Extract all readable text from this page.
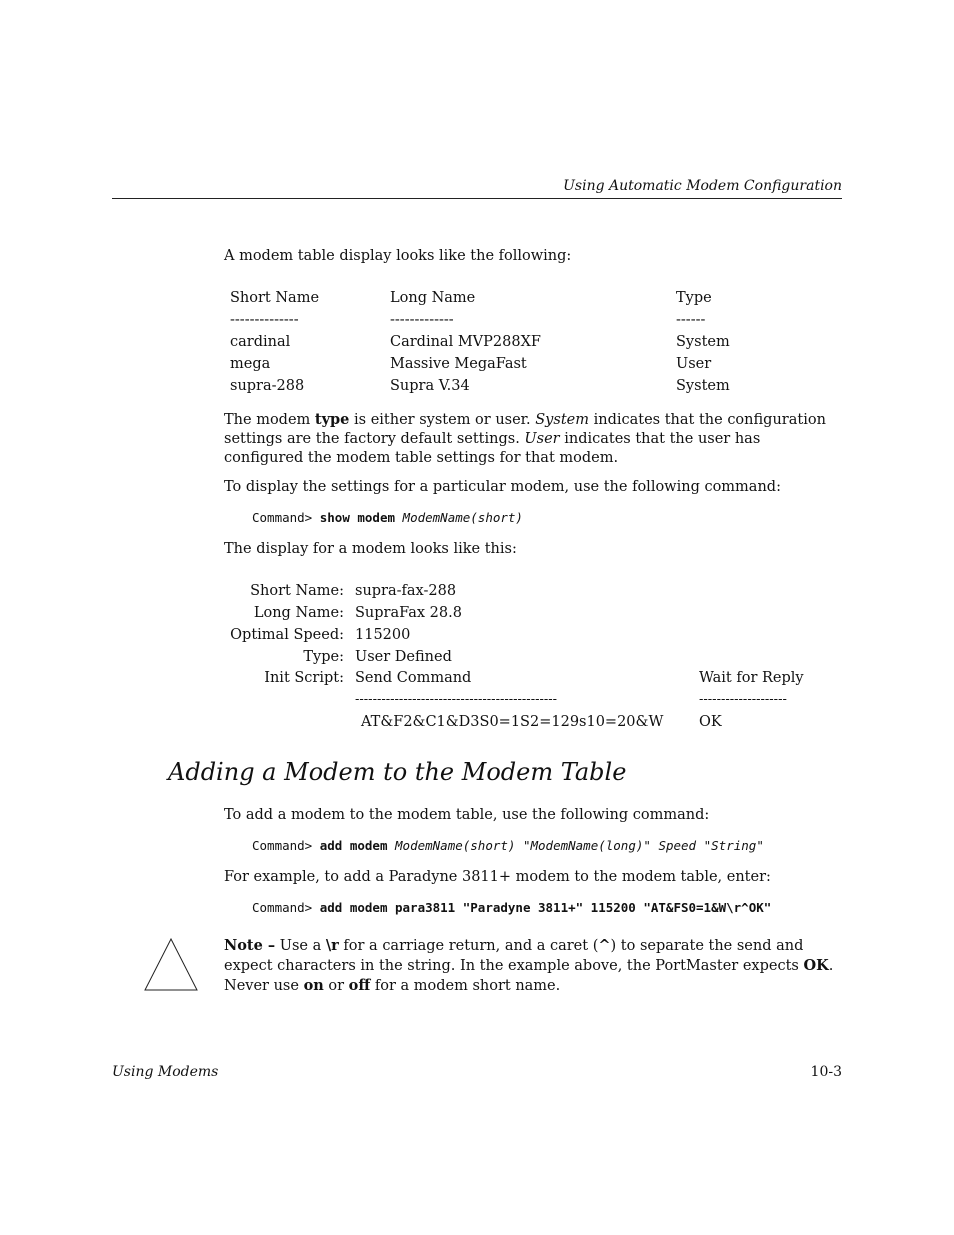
Using Automatic Modem Configuration
A modem table display looks like the following:
Short Name	Long Name	Type
--------------	-------------	------
cardinal	Cardinal MVP288XF	System
mega	Massive MegaFast	User
supra-288	Supra V.34	System
The modem type is either system or user. System indicates that the configuration settings are the factory default settings. User indicates that the user has configured the modem table settings for that modem.
To display the settings for a particular modem, use the following command:
Command> show modem ModemName(short)
The display for a modem looks like this:
Short Name: supra-fax-288
Long Name: SupraFax 28.8
Optimal Speed: 115200
Type: User Defined
Init Script: Send Command	Wait for Reply
----------------------------------------------	--------------------
AT&F2&C1&D3S0=1S2=129s10=20&W OK
Adding a Modem to the Modem Table
To add a modem to the modem table, use the following command:
Command> add modem ModemName(short) "ModemName(long)" Speed "String"
For example, to add a Paradyne 3811+ modem to the modem table, enter:
Command> add modem para3811 "Paradyne 3811+" 115200 "AT&FS0=1&W\r^OK"
Note – Use a \r for a carriage return, and a caret (^) to separate the send and expect characters in the string. In the example above, the PortMaster expects OK. Never use on or off for a modem short name.
Using Modems	10-3
